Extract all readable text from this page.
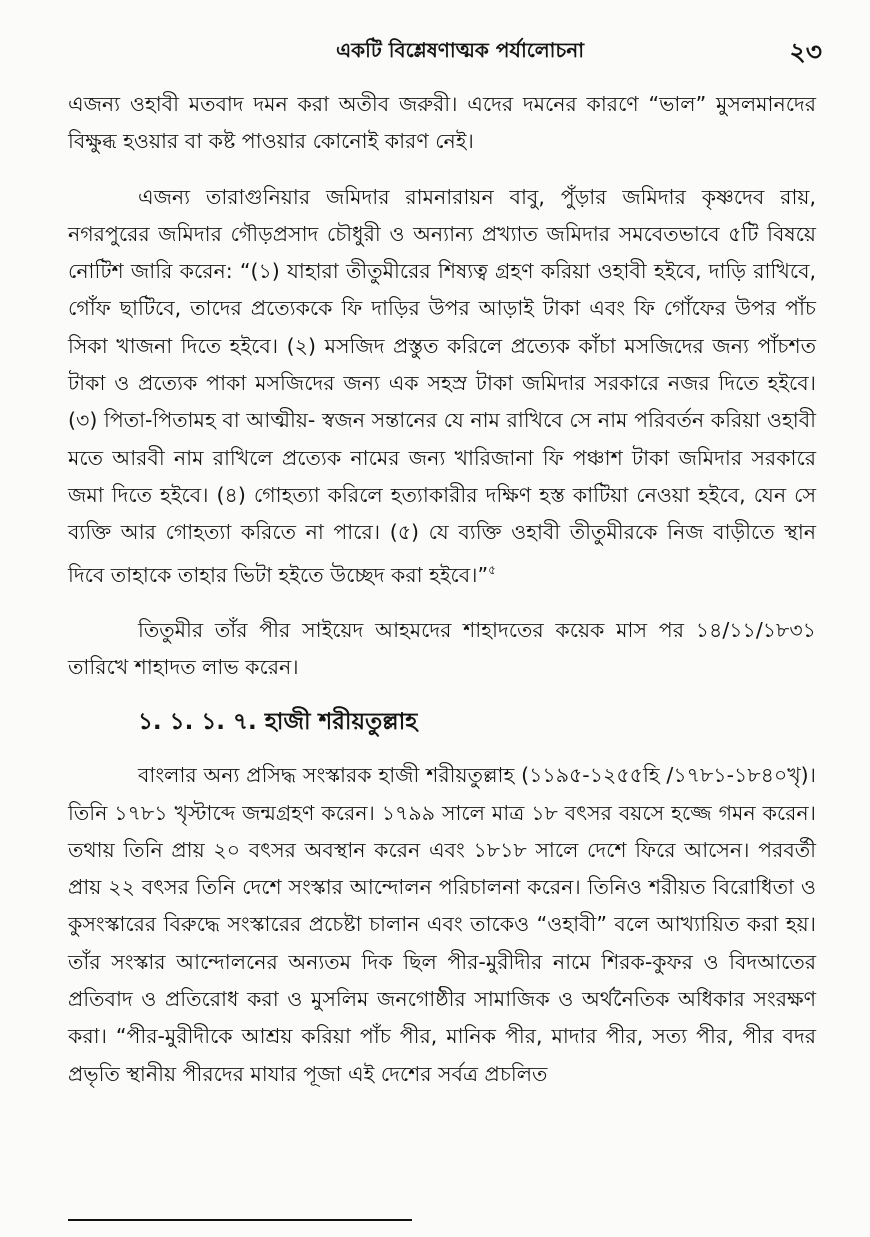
একটি বিশ্লেষণাত্মক পর্যালোচনা	২৩

এজন্য ওহাবী মতবাদ দমন করা অতীব জরুরী। এদের দমনের কারণে “ভাল” মুসলমানদের বিক্ষুব্ধ হওয়ার বা কষ্ট পাওয়ার কোনোই কারণ নেই।

এজন্য তারাগুনিয়ার জমিদার রামনারায়ন বাবু, পুঁড়ার জমিদার কৃষ্ণদেব রায়, নগরপুরের জমিদার গৌড়প্রসাদ চৌধুরী ও অন্যান্য প্রখ্যাত জমিদার সমবেতভাবে ৫টি বিষয়ে নোটিশ জারি করেন: “(১) যাহারা তীতুমীরের শিষ্যত্ব গ্রহণ করিয়া ওহাবী হইবে, দাড়ি রাখিবে, গোঁফ ছাটিবে, তাদের প্রত্যেককে ফি দাড়ির উপর আড়াই টাকা এবং ফি গোঁফের উপর পাঁচ সিকা খাজনা দিতে হইবে। (২) মসজিদ প্রস্তুত করিলে প্রত্যেক কাঁচা মসজিদের জন্য পাঁচশত টাকা ও প্রত্যেক পাকা মসজিদের জন্য এক সহস্র টাকা জমিদার সরকারে নজর দিতে হইবে। (৩) পিতা-পিতামহ বা আত্মীয়- স্বজন সন্তানের যে নাম রাখিবে সে নাম পরিবর্তন করিয়া ওহাবী মতে আরবী নাম রাখিলে প্রত্যেক নামের জন্য খারিজানা ফি পঞ্চাশ টাকা জমিদার সরকারে জমা দিতে হইবে। (৪) গোহত্যা করিলে হত্যাকারীর দক্ষিণ হস্ত কাটিয়া নেওয়া হইবে, যেন সে ব্যক্তি আর গোহত্যা করিতে না পারে। (৫) যে ব্যক্তি ওহাবী তীতুমীরকে নিজ বাড়ীতে স্থান দিবে তাহাকে তাহার ভিটা হইতে উচ্ছেদ করা হইবে।”$^৫$

তিতুমীর তাঁর পীর সাইয়েদ আহমদের শাহাদতের কয়েক মাস পর ১৪/১১/১৮৩১ তারিখে শাহাদত লাভ করেন।

১. ১. ১. ৭. হাজী শরীয়তুল্লাহ

বাংলার অন্য প্রসিদ্ধ সংস্কারক হাজী শরীয়তুল্লাহ (১১৯৫-১২৫৫হি /১৭৮১-১৮৪০খৃ)। তিনি ১৭৮১ খৃস্টাব্দে জন্মগ্রহণ করেন। ১৭৯৯ সালে মাত্র ১৮ বৎসর বয়সে হজ্জে গমন করেন। তথায় তিনি প্রায় ২০ বৎসর অবস্থান করেন এবং ১৮১৮ সালে দেশে ফিরে আসেন। পরবর্তী প্রায় ২২ বৎসর তিনি দেশে সংস্কার আন্দোলন পরিচালনা করেন। তিনিও শরীয়ত বিরোধিতা ও কুসংস্কারের বিরুদ্ধে সংস্কারের প্রচেষ্টা চালান এবং তাকেও “ওহাবী” বলে আখ্যায়িত করা হয়। তাঁর সংস্কার আন্দোলনের অন্যতম দিক ছিল পীর-মুরীদীর নামে শিরক-কুফর ও বিদআতের প্রতিবাদ ও প্রতিরোধ করা ও মুসলিম জনগোষ্ঠীর সামাজিক ও অর্থনৈতিক অধিকার সংরক্ষণ করা। “পীর-মুরীদীকে আশ্রয় করিয়া পাঁচ পীর, মানিক পীর, মাদার পীর, সত্য পীর, পীর বদর প্রভৃতি স্থানীয় পীরদের মাযার পূজা এই দেশের সর্বত্র প্রচলিত
